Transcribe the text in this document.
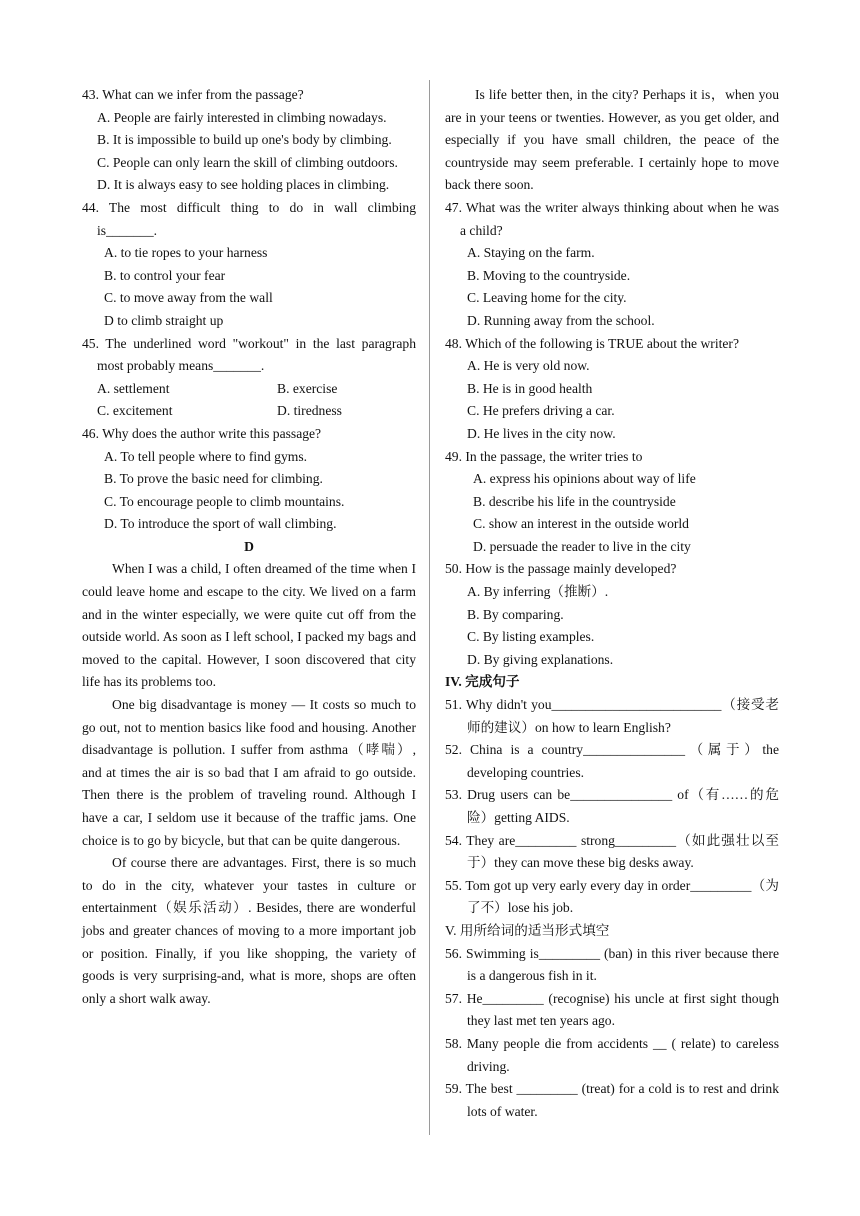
43. What can we infer from the passage?

A. People are fairly interested in climbing nowadays.

B. It is impossible to build up one's body by climbing.

C. People can only learn the skill of climbing outdoors.

D. It is always easy to see holding places in climbing.

44. The most difficult thing to do in wall climbing is_______.

A. to tie ropes to your harness

B. to control your fear

C. to move away from the wall

D to climb straight up

45. The underlined word "workout" in the last paragraph most probably means_______.

A. settlement	B. exercise
C. excitement	D. tiredness

46. Why does the author write this passage?

A. To tell people where to find gyms.

B. To prove the basic need for climbing.

C. To encourage people to climb mountains.

D. To introduce the sport of wall climbing.

D

When I was a child, I often dreamed of the time when I could leave home and escape to the city. We lived on a farm and in the winter especially, we were quite cut off from the outside world. As soon as I left school, I packed my bags and moved to the capital. However, I soon discovered that city life has its problems too.

One big disadvantage is money — It costs so much to go out, not to mention basics like food and housing. Another disadvantage is pollution. I suffer from asthma（哮喘）, and at times the air is so bad that I am afraid to go outside. Then there is the problem of traveling round. Although I have a car, I seldom use it because of the traffic jams. One choice is to go by bicycle, but that can be quite dangerous.

Of course there are advantages. First, there is so much to do in the city, whatever your tastes in culture or entertainment（娱乐活动）. Besides, there are wonderful jobs and greater chances of moving to a more important job or position. Finally, if you like shopping, the variety of goods is very surprising-and, what is more, shops are often only a short walk away.

Is life better then, in the city? Perhaps it is，when you are in your teens or twenties. However, as you get older, and especially if you have small children, the peace of the countryside may seem preferable. I certainly hope to move back there soon.

47. What was the writer always thinking about when he was a child?

A. Staying on the farm.

B. Moving to the countryside.

C. Leaving home for the city.

D. Running away from the school.

48. Which of the following is TRUE about the writer?

A. He is very old now.

B. He is in good health

C. He prefers driving a car.

D. He lives in the city now.

49. In the passage, the writer tries to

A. express his opinions about way of life

B. describe his life in the countryside

C. show an interest in the outside world

D. persuade the reader to live in the city

50. How is the passage mainly developed?

A. By inferring（推断）.

B. By comparing.

C. By listing examples.

D. By giving explanations.

IV. 完成句子

51. Why didn't you_________________________（接受老师的建议）on how to learn English?

52. China is a country_______________（属于）the developing countries.

53. Drug users can be_______________ of（有……的危险）getting AIDS.

54. They are_________ strong_________（如此强壮以至于）they can move these big desks away.

55. Tom got up very early every day in order_________（为了不）lose his job.

V. 用所给词的适当形式填空

56. Swimming is_________ (ban) in this river because there is a dangerous fish in it.

57. He_________ (recognise) his uncle at first sight though they last met ten years ago.

58. Many people die from accidents __ ( relate) to careless driving.

59. The best _________ (treat) for a cold is to rest and drink lots of water.
